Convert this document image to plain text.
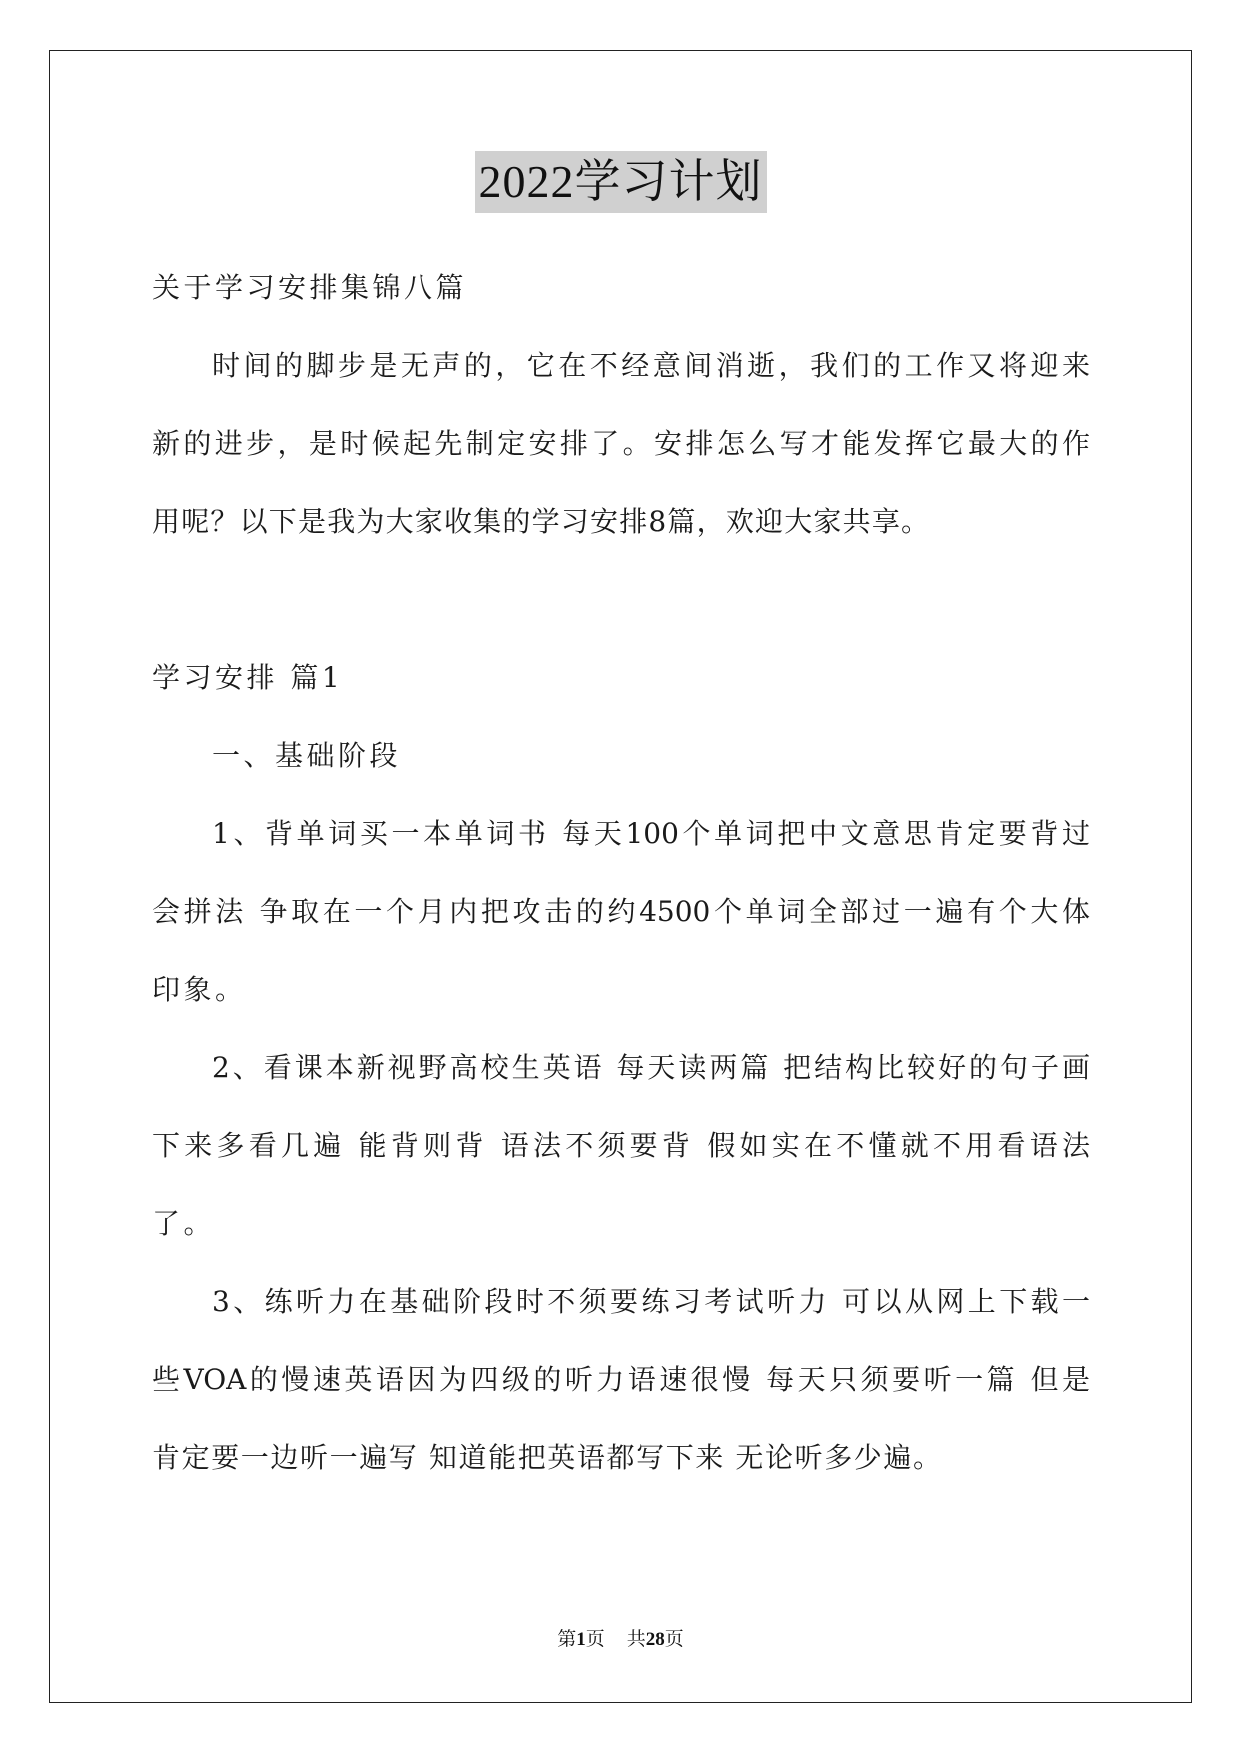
2022学习计划
关于学习安排集锦八篇
时间的脚步是无声的，它在不经意间消逝，我们的工作又将迎来
新的进步，是时候起先制定安排了。安排怎么写才能发挥它最大的作
用呢？以下是我为大家收集的学习安排8篇，欢迎大家共享。
学习安排 篇1
一、基础阶段
1、背单词买一本单词书 每天100个单词把中文意思肯定要背过
会拼法 争取在一个月内把攻击的约4500个单词全部过一遍有个大体
印象。
2、看课本新视野高校生英语 每天读两篇 把结构比较好的句子画
下来多看几遍 能背则背 语法不须要背 假如实在不懂就不用看语法
了。
3、练听力在基础阶段时不须要练习考试听力 可以从网上下载一
些VOA的慢速英语因为四级的听力语速很慢 每天只须要听一篇 但是
肯定要一边听一遍写 知道能把英语都写下来 无论听多少遍。
第1页 共28页
